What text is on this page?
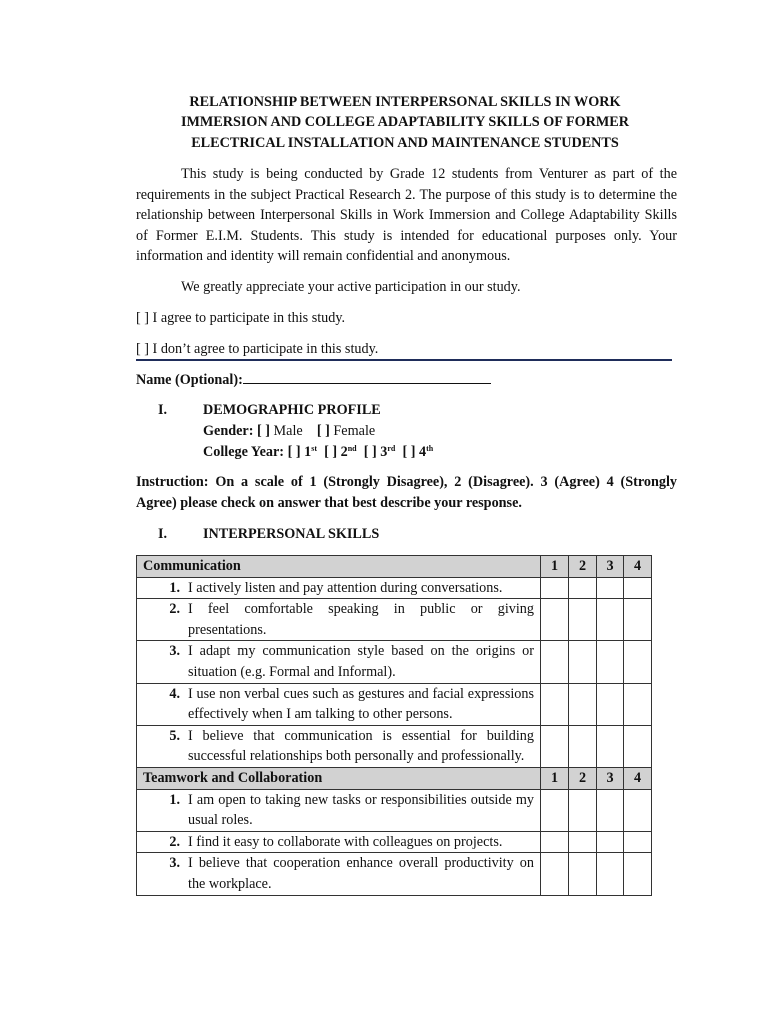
RELATIONSHIP BETWEEN INTERPERSONAL SKILLS IN WORK
IMMERSION AND COLLEGE ADAPTABILITY SKILLS OF FORMER
ELECTRICAL INSTALLATION AND MAINTENANCE STUDENTS

This study is being conducted by Grade 12 students from Venturer as part of the requirements in the subject Practical Research 2. The purpose of this study is to determine the relationship between Interpersonal Skills in Work Immersion and College Adaptability Skills of Former E.I.M. Students. This study is intended for educational purposes only. Your information and identity will remain confidential and anonymous.

We greatly appreciate your active participation in our study.
[ ] I agree to participate in this study.
[ ] I don’t agree to participate in this study.
Name (Optional):
I.	DEMOGRAPHIC PROFILE
Gender: [ ] Male [ ] Female
College Year: [ ] 1st [ ] 2nd [ ] 3rd [ ] 4th

Instruction: On a scale of 1 (Strongly Disagree), 2 (Disagree). 3 (Agree) 4 (Strongly Agree) please check on answer that best describe your response.

I.	INTERPERSONAL SKILLS
Communication	1	2	3	4

1. I actively listen and pay attention during conversations.				

2. I feel comfortable speaking in public or giving presentations.				

3. I adapt my communication style based on the origins or situation (e.g. Formal and Informal).				

4. I use non verbal cues such as gestures and facial expressions effectively when I am talking to other persons.				

5. I believe that communication is essential for building successful relationships both personally and professionally.				

Teamwork and Collaboration	1	2	3	4

1. I am open to taking new tasks or responsibilities outside my usual roles.				

2. I find it easy to collaborate with colleagues on projects.				

3. I believe that cooperation enhance overall productivity on the workplace.				
